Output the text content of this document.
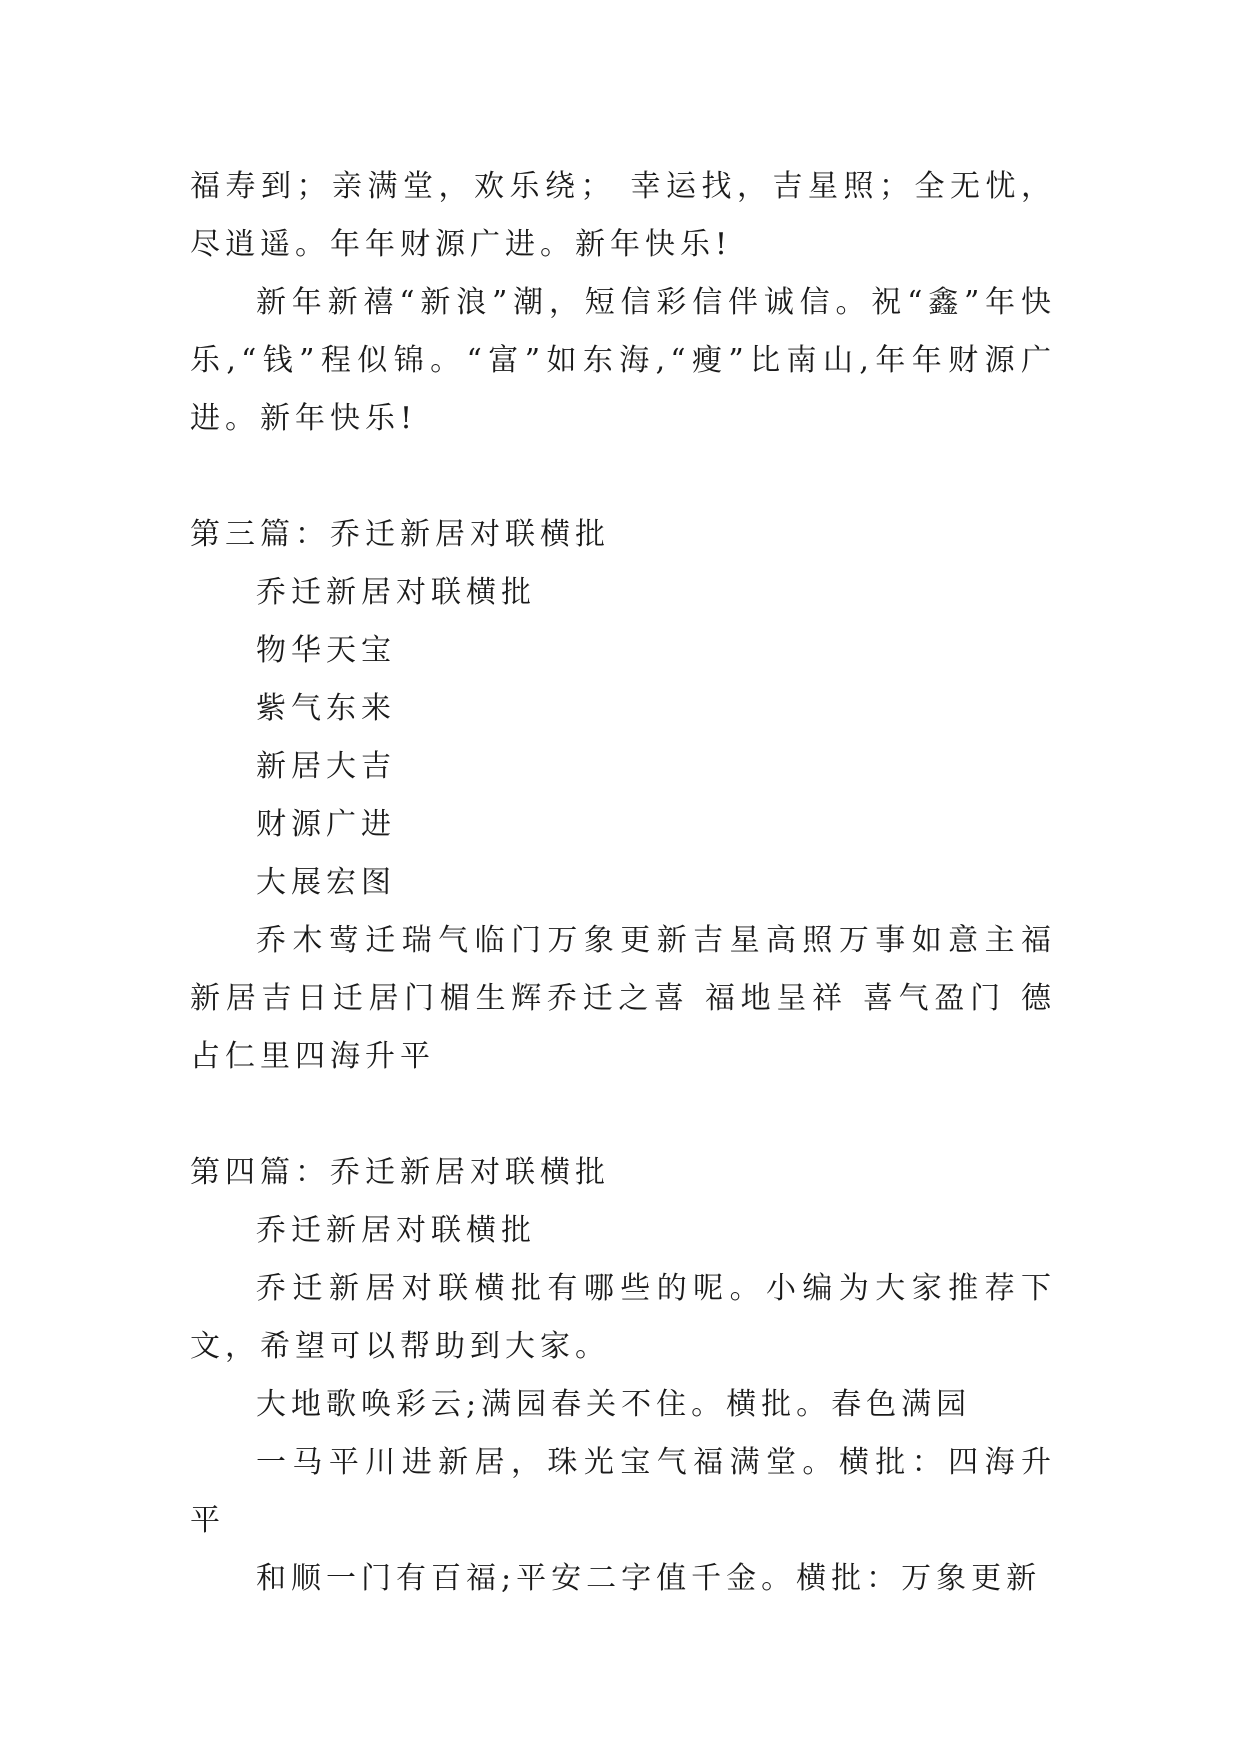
福寿到；亲满堂，欢乐绕； 幸运找，吉星照；全无忧，尽逍遥。年年财源广进。新年快乐!

新年新禧“新浪”潮，短信彩信伴诚信。祝“鑫”年快乐,“钱”程似锦。“富”如东海,“瘦”比南山,年年财源广进。新年快乐!

第三篇：乔迁新居对联横批

乔迁新居对联横批

物华天宝

紫气东来

新居大吉

财源广进

大展宏图

乔木莺迁瑞气临门万象更新吉星高照万事如意主福新居吉日迁居门楣生辉乔迁之喜 福地呈祥 喜气盈门 德占仁里四海升平

第四篇：乔迁新居对联横批

乔迁新居对联横批

乔迁新居对联横批有哪些的呢。小编为大家推荐下文，希望可以帮助到大家。

大地歌唤彩云;满园春关不住。横批。春色满园

一马平川进新居，珠光宝气福满堂。横批：四海升平

和顺一门有百福;平安二字值千金。横批：万象更新
